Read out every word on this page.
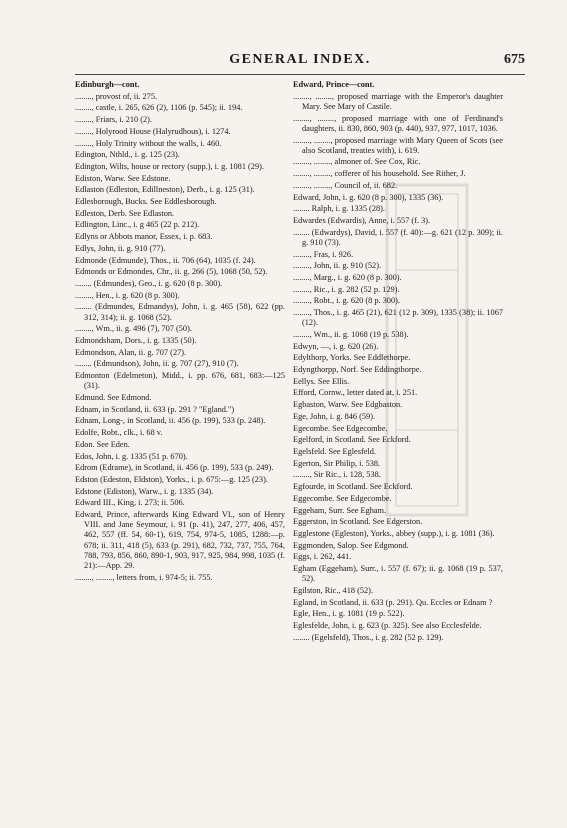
GENERAL INDEX.	675

Edinburgh—cont.

........, provost of, ii. 275.

........, castle, i. 265, 626 (2), 1106 (p. 545); ii. 194.

........, Friars, i. 210 (2).

........, Holyrood House (Halyrudhous), i. 1274.

........, Holy Trinity without the walls, i. 460.

Edington, Nthld., i. g. 125 (23).

Edington, Wilts, house or rectory (supp.), i. g. 1081 (29).

Ediston, Warw. See Edstone.

Edlaston (Edleston, Edillneston), Derb., i. g. 125 (31).

Edlesborough, Bucks. See Eddlesborough.

Edleston, Derb. See Edlaston.

Edlington, Linc., i. g 465 (22 p. 212).

Edlyns or Abbots manor, Essex, i. p. 683.

Edlys, John, ii. g. 910 (77).

Edmonde (Edmunde), Thos., ii. 706 (64), 1035 (f. 24).

Edmonds or Edmondes, Chr., ii. g. 266 (5), 1068 (50, 52).

........ (Edmundes), Geo., i. g. 620 (8 p. 300).

........, Hen., i. g. 620 (8 p. 300).

........ (Edmundes, Edmandys), John, i. g. 465 (58), 622 (pp. 312, 314); ii. g. 1068 (52).

........, Wm., ii. g. 496 (7), 707 (50).

Edmondsham, Dors., i. g. 1335 (50).

Edmondson, Alan, ii. g. 707 (27).

........ (Edmundson), John, ii. g. 707 (27), 910 (7).

Edmonton (Edelmeton), Midd., i. pp. 676, 681, 683:—125 (31).

Edmund. See Edmond.

Ednam, in Scotland, ii. 633 (p. 291 ? "Egland.")

Ednam, Long-, in Scotland, ii. 456 (p. 199), 533 (p. 248).

Edolfe, Robt., clk., i. 68 v.

Edon. See Eden.

Edos, John, i. g. 1335 (51 p. 670).

Edrom (Edrame), in Scotland, ii. 456 (p. 199), 533 (p. 249).

Edston (Edeston, Eldston), Yorks., i. p. 675:—g. 125 (23).

Edstone (Ediston), Warw., i. g. 1335 (34).

Edward III., King, i. 273; ii. 506.

Edward, Prince, afterwards King Edward VI., son of Henry VIII. and Jane Seymour, i. 91 (p. 41), 247, 277, 406, 457, 462, 557 (ff. 54, 60-1), 619, 754, 974-5, 1085, 1288:—p. 678; ii. 311, 418 (5), 633 (p. 291), 682, 732, 737, 755, 764, 788, 793, 856, 860, 890-1, 903, 917, 925, 984, 998, 1035 (f. 21):—App. 29.

........, ........, letters from, i. 974-5; ii. 755.

Edward, Prince—cont.

........, ........, proposed marriage with the Emperor's daughter Mary. See Mary of Castile.

........, ........, proposed marriage with one of Ferdinand's daughters, ii. 830, 860, 903 (p. 440), 937, 977, 1017, 1036.

........, ........, proposed marriage with Mary Queen of Scots (see also Scotland, treaties with), i. 619.

........, ........, almoner of. See Cox, Ric.

........, ........, cofferer of his household. See Rither, J.

........, ........, Council of, ii. 682.

Edward, John, i. g. 620 (8 p. 300), 1335 (36).

........ Ralph, i. g. 1335 (28).

Edwardes (Edwardis), Anne, i. 557 (f. 3).

........ (Edwardys), David, i. 557 (f. 40):—g. 621 (12 p. 309); ii. g. 910 (73).

........, Fras, i. 926.

........, John, ii. g. 910 (52).

........, Marg., i. g. 620 (8 p. 300).

........, Ric., i. g. 282 (52 p. 129).

........, Robt., i. g. 620 (8 p. 300).

........, Thos., i. g. 465 (21), 621 (12 p. 309), 1335 (38); ii. 1067 (12).

........, Wm., ii. g. 1068 (19 p. 538).

Edwyn, —, i. g. 620 (26).

Edylthorp, Yorks. See Eddlethorpe.

Edyngthorpp, Norf. See Eddingthorpe.

Eellys. See Ellis.

Efford, Cornw., letter dated at, i. 251.

Egbaston, Warw. See Edgbaston.

Ege, John, i. g. 846 (59).

Egecombe. See Edgecombe.

Egelford, in Scotland. See Eckford.

Egelsfeld. See Eglesfeld.

Egerton, Sir Philip, i. 538.

........, Sir Ric., i. 128, 538.

Egfourde, in Scotland. See Eckford.

Eggecombe. See Edgecombe.

Eggeham, Surr. See Egham.

Eggerston, in Scotland. See Edgerston.

Egglestone (Egleston), Yorks., abbey (supp.), i. g. 1081 (36).

Eggmonden, Salop. See Edgmond.

Eggs, i. 262, 441.

Egham (Eggeham), Surr., i. 557 (f. 67); ii. g. 1068 (19 p. 537, 52).

Egilston, Ric., 418 (52).

Egland, in Scotland, ii. 633 (p. 291). Qu. Eccles or Ednam ?

Egle, Hen., i. g. 1081 (19 p. 522).

Eglesfelde, John, i. g. 623 (p. 325). See also Ecclesfelde.

........ (Egelsfeld), Thos., i. g. 282 (52 p. 129).
